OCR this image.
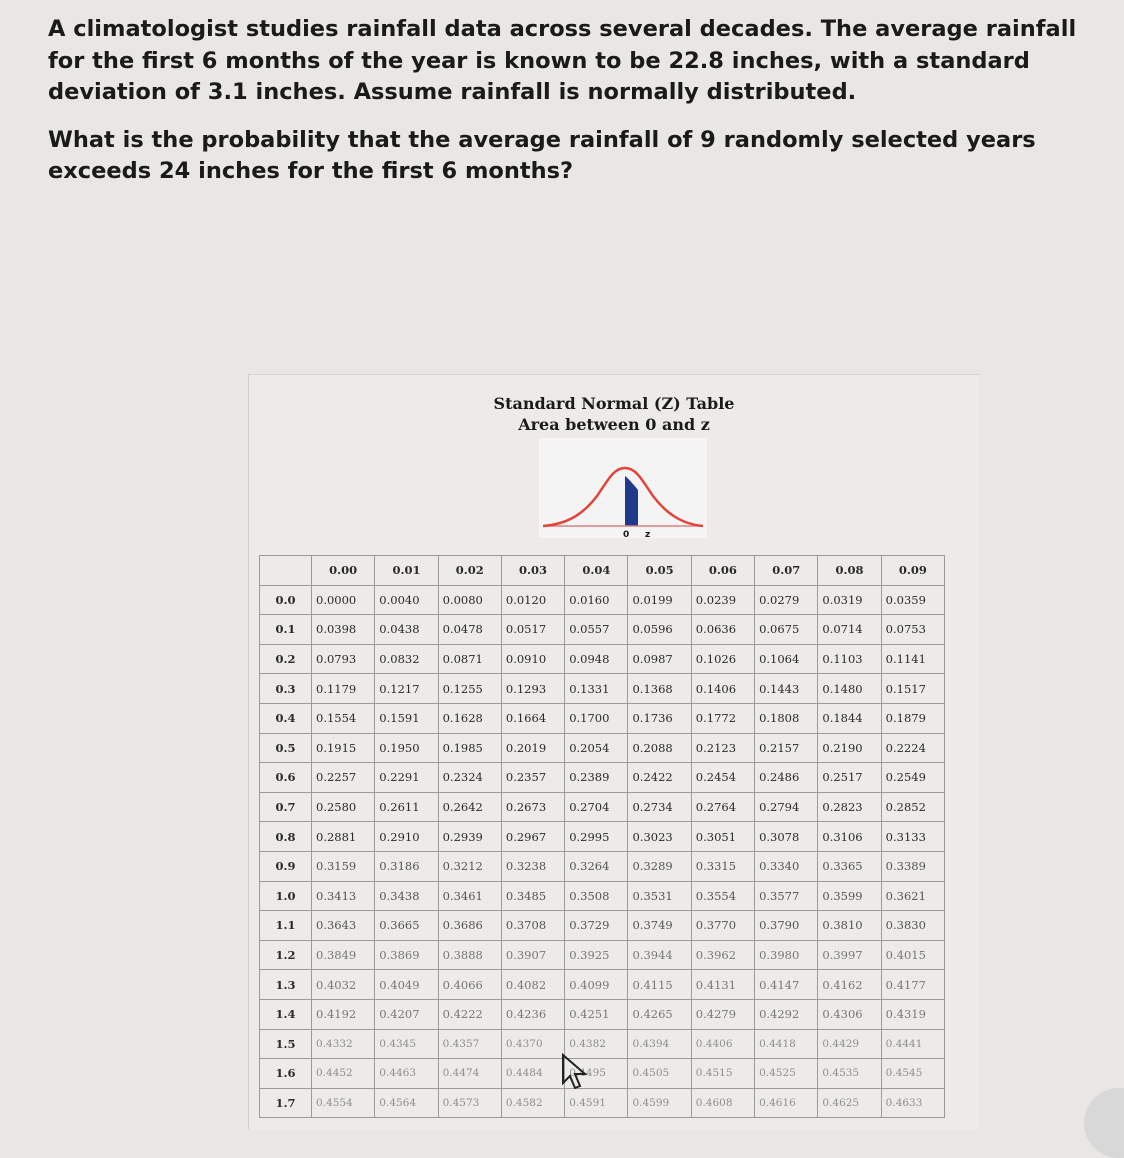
A climatologist studies rainfall data across several decades. The average rainfall for the first 6 months of the year is known to be 22.8 inches, with a standard deviation of 3.1 inches. Assume rainfall is normally distributed.

What is the probability that the average rainfall of 9 randomly selected years exceeds 24 inches for the first 6 months?

Standard Normal (Z) Table
Area between 0 and z
0 z
	0.00	0.01	0.02	0.03	0.04	0.05	0.06	0.07	0.08	0.09
0.0	0.0000	0.0040	0.0080	0.0120	0.0160	0.0199	0.0239	0.0279	0.0319	0.0359
0.1	0.0398	0.0438	0.0478	0.0517	0.0557	0.0596	0.0636	0.0675	0.0714	0.0753
0.2	0.0793	0.0832	0.0871	0.0910	0.0948	0.0987	0.1026	0.1064	0.1103	0.1141
0.3	0.1179	0.1217	0.1255	0.1293	0.1331	0.1368	0.1406	0.1443	0.1480	0.1517
0.4	0.1554	0.1591	0.1628	0.1664	0.1700	0.1736	0.1772	0.1808	0.1844	0.1879
0.5	0.1915	0.1950	0.1985	0.2019	0.2054	0.2088	0.2123	0.2157	0.2190	0.2224
0.6	0.2257	0.2291	0.2324	0.2357	0.2389	0.2422	0.2454	0.2486	0.2517	0.2549
0.7	0.2580	0.2611	0.2642	0.2673	0.2704	0.2734	0.2764	0.2794	0.2823	0.2852
0.8	0.2881	0.2910	0.2939	0.2967	0.2995	0.3023	0.3051	0.3078	0.3106	0.3133
0.9	0.3159	0.3186	0.3212	0.3238	0.3264	0.3289	0.3315	0.3340	0.3365	0.3389
1.0	0.3413	0.3438	0.3461	0.3485	0.3508	0.3531	0.3554	0.3577	0.3599	0.3621
1.1	0.3643	0.3665	0.3686	0.3708	0.3729	0.3749	0.3770	0.3790	0.3810	0.3830
1.2	0.3849	0.3869	0.3888	0.3907	0.3925	0.3944	0.3962	0.3980	0.3997	0.4015
1.3	0.4032	0.4049	0.4066	0.4082	0.4099	0.4115	0.4131	0.4147	0.4162	0.4177
1.4	0.4192	0.4207	0.4222	0.4236	0.4251	0.4265	0.4279	0.4292	0.4306	0.4319
1.5	0.4332	0.4345	0.4357	0.4370	0.4382	0.4394	0.4406	0.4418	0.4429	0.4441
1.6	0.4452	0.4463	0.4474	0.4484	0.4495	0.4505	0.4515	0.4525	0.4535	0.4545
1.7	0.4554	0.4564	0.4573	0.4582	0.4591	0.4599	0.4608	0.4616	0.4625	0.4633
